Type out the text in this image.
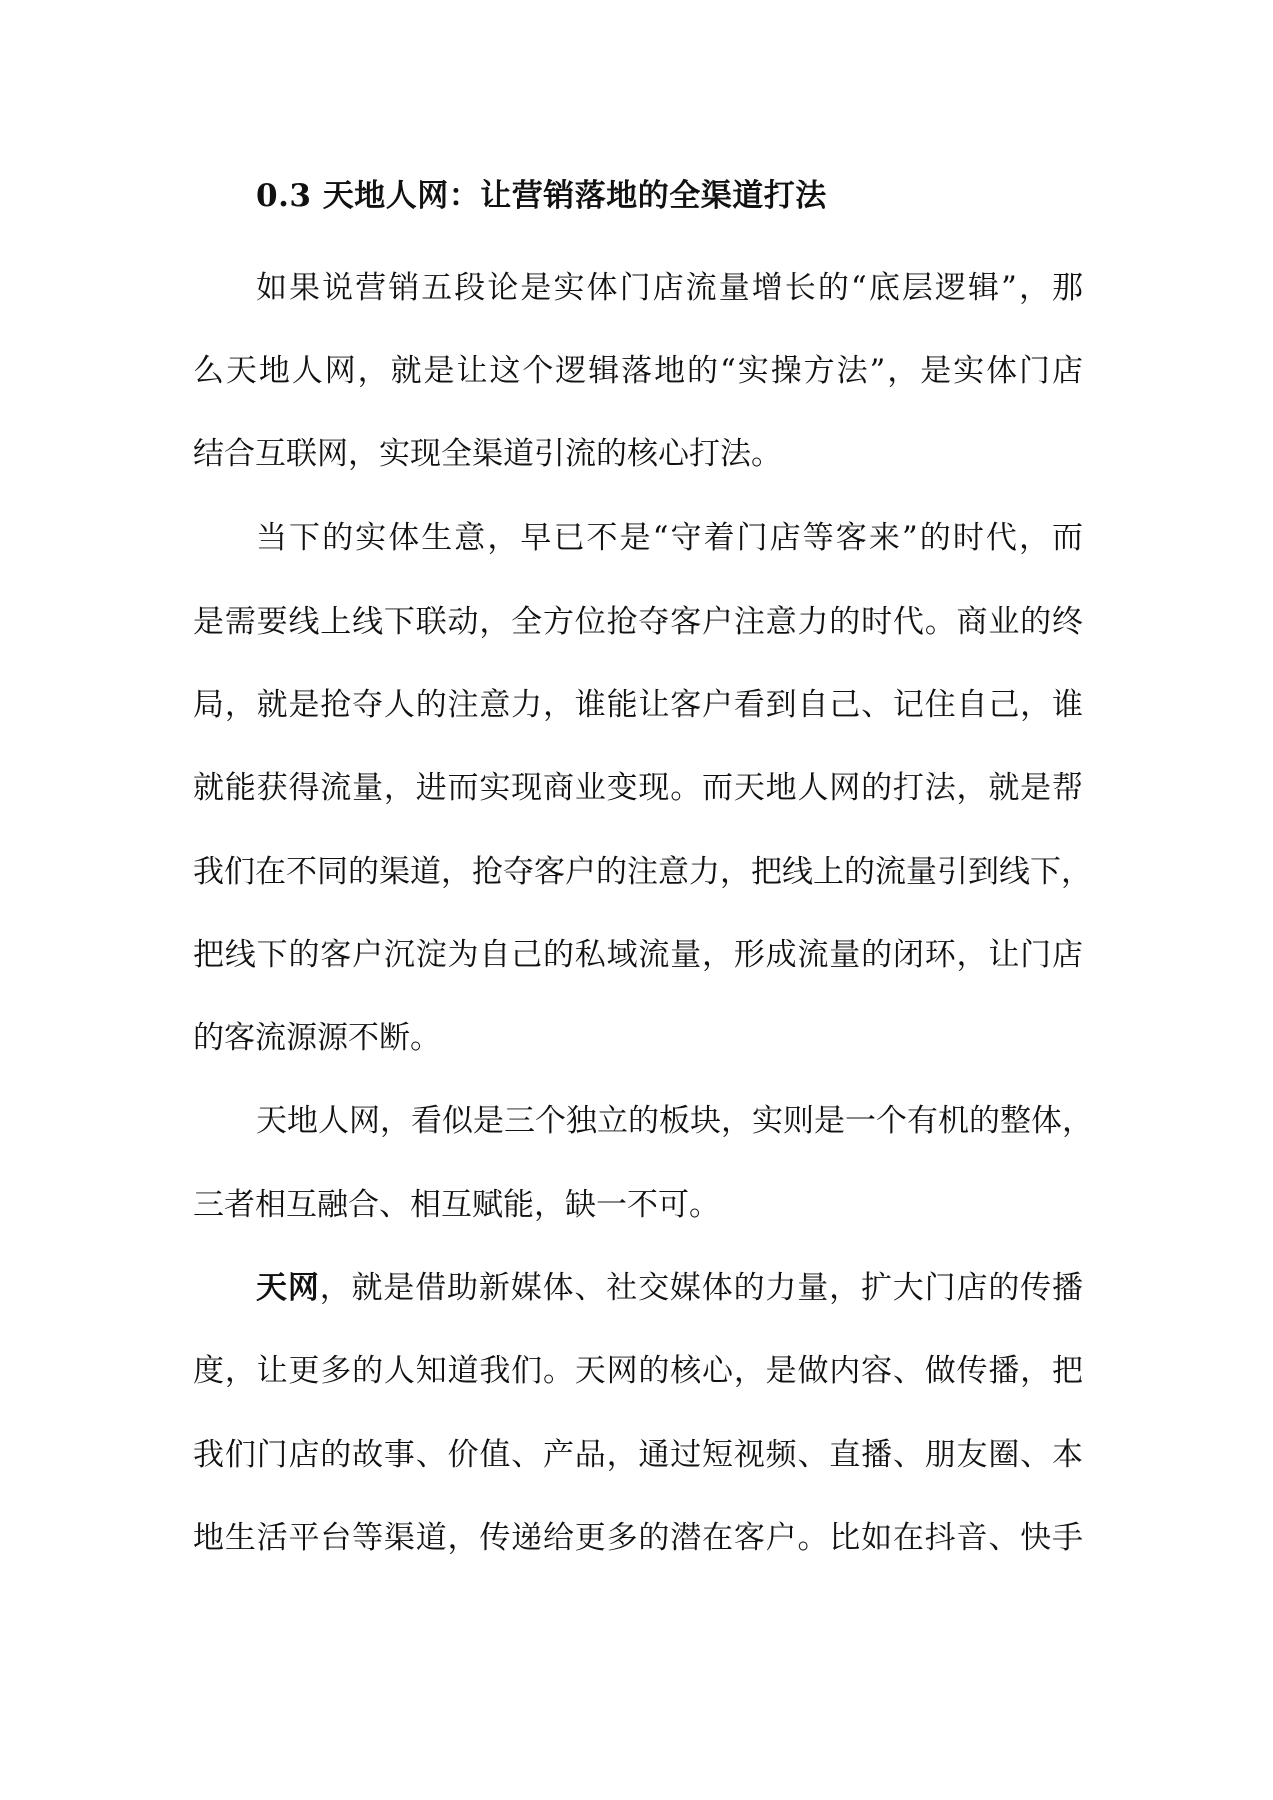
0.3 天地人网：让营销落地的全渠道打法
如果说营销五段论是实体门店流量增长的“底层逻辑”，那
么天地人网，就是让这个逻辑落地的“实操方法”，是实体门店
结合互联网，实现全渠道引流的核心打法。
当下的实体生意，早已不是“守着门店等客来”的时代，而
是需要线上线下联动，全方位抢夺客户注意力的时代。商业的终
局，就是抢夺人的注意力，谁能让客户看到自己、记住自己，谁
就能获得流量，进而实现商业变现。而天地人网的打法，就是帮
我们在不同的渠道，抢夺客户的注意力，把线上的流量引到线下，
把线下的客户沉淀为自己的私域流量，形成流量的闭环，让门店
的客流源源不断。
天地人网，看似是三个独立的板块，实则是一个有机的整体，
三者相互融合、相互赋能，缺一不可。
天网，就是借助新媒体、社交媒体的力量，扩大门店的传播
度，让更多的人知道我们。天网的核心，是做内容、做传播，把
我们门店的故事、价值、产品，通过短视频、直播、朋友圈、本
地生活平台等渠道，传递给更多的潜在客户。比如在抖音、快手
